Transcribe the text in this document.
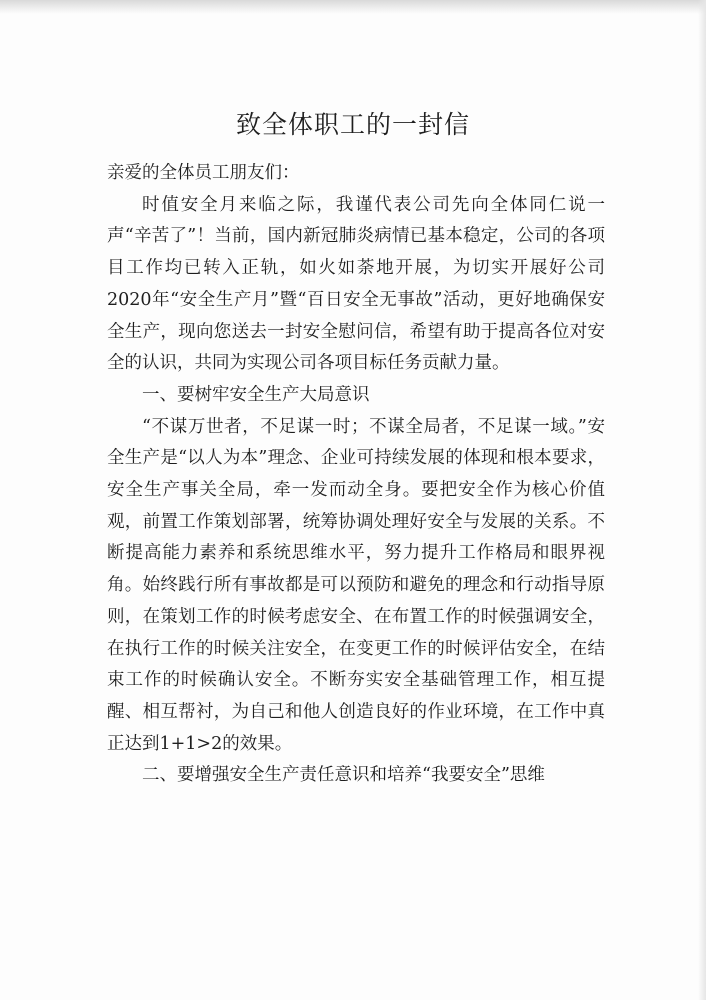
致全体职工的一封信

亲爱的全体员工朋友们：

时值安全月来临之际，我谨代表公司先向全体同仁说一声“辛苦了”！当前，国内新冠肺炎病情已基本稳定，公司的各项目工作均已转入正轨，如火如荼地开展，为切实开展好公司2020年“安全生产月”暨“百日安全无事故”活动，更好地确保安全生产，现向您送去一封安全慰问信，希望有助于提高各位对安全的认识，共同为实现公司各项目标任务贡献力量。

一、要树牢安全生产大局意识

“不谋万世者，不足谋一时；不谋全局者，不足谋一域。”安全生产是“以人为本”理念、企业可持续发展的体现和根本要求，安全生产事关全局，牵一发而动全身。要把安全作为核心价值观，前置工作策划部署，统筹协调处理好安全与发展的关系。不断提高能力素养和系统思维水平，努力提升工作格局和眼界视角。始终践行所有事故都是可以预防和避免的理念和行动指导原则，在策划工作的时候考虑安全、在布置工作的时候强调安全，在执行工作的时候关注安全，在变更工作的时候评估安全，在结束工作的时候确认安全。不断夯实安全基础管理工作，相互提醒、相互帮衬，为自己和他人创造良好的作业环境，在工作中真正达到1+1>2的效果。

二、要增强安全生产责任意识和培养“我要安全”思维
